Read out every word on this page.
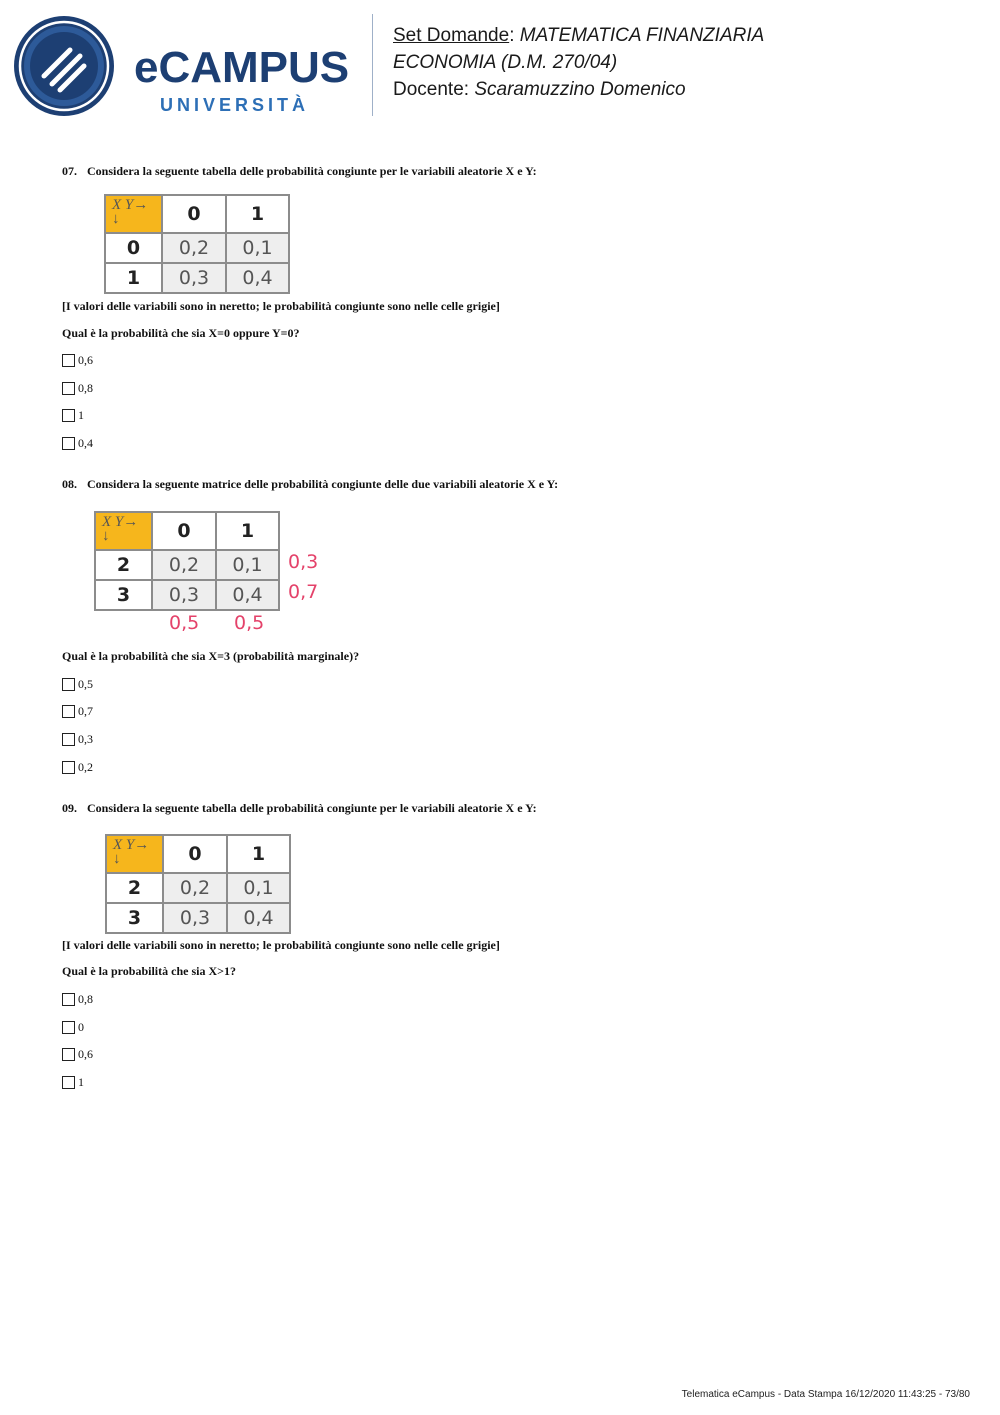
eCAMPUS
UNIVERSITÀ
Set Domande: MATEMATICA FINANZIARIA
ECONOMIA (D.M. 270/04)
Docente: Scaramuzzino Domenico
07. Considera la seguente tabella delle probabilità congiunte per le variabili aleatorie X e Y:
X Y→
↓	0	1
0	0,2	0,1
1	0,3	0,4
[I valori delle variabili sono in neretto; le probabilità congiunte sono nelle celle grigie]
Qual è la probabilità che sia X=0 oppure Y=0?
0,6
0,8
1
0,4
08. Considera la seguente matrice delle probabilità congiunte delle due variabili aleatorie X e Y:
X Y→
↓	0	1
2	0,2	0,1
3	0,3	0,4
0,3
0,7
0,5 0,5
Qual è la probabilità che sia X=3 (probabilità marginale)?
0,5
0,7
0,3
0,2
09. Considera la seguente tabella delle probabilità congiunte per le variabili aleatorie X e Y:
X Y→
↓	0	1
2	0,2	0,1
3	0,3	0,4
[I valori delle variabili sono in neretto; le probabilità congiunte sono nelle celle grigie]
Qual è la probabilità che sia X>1?
0,8
0
0,6
1
Telematica eCampus - Data Stampa 16/12/2020 11:43:25 - 73/80
